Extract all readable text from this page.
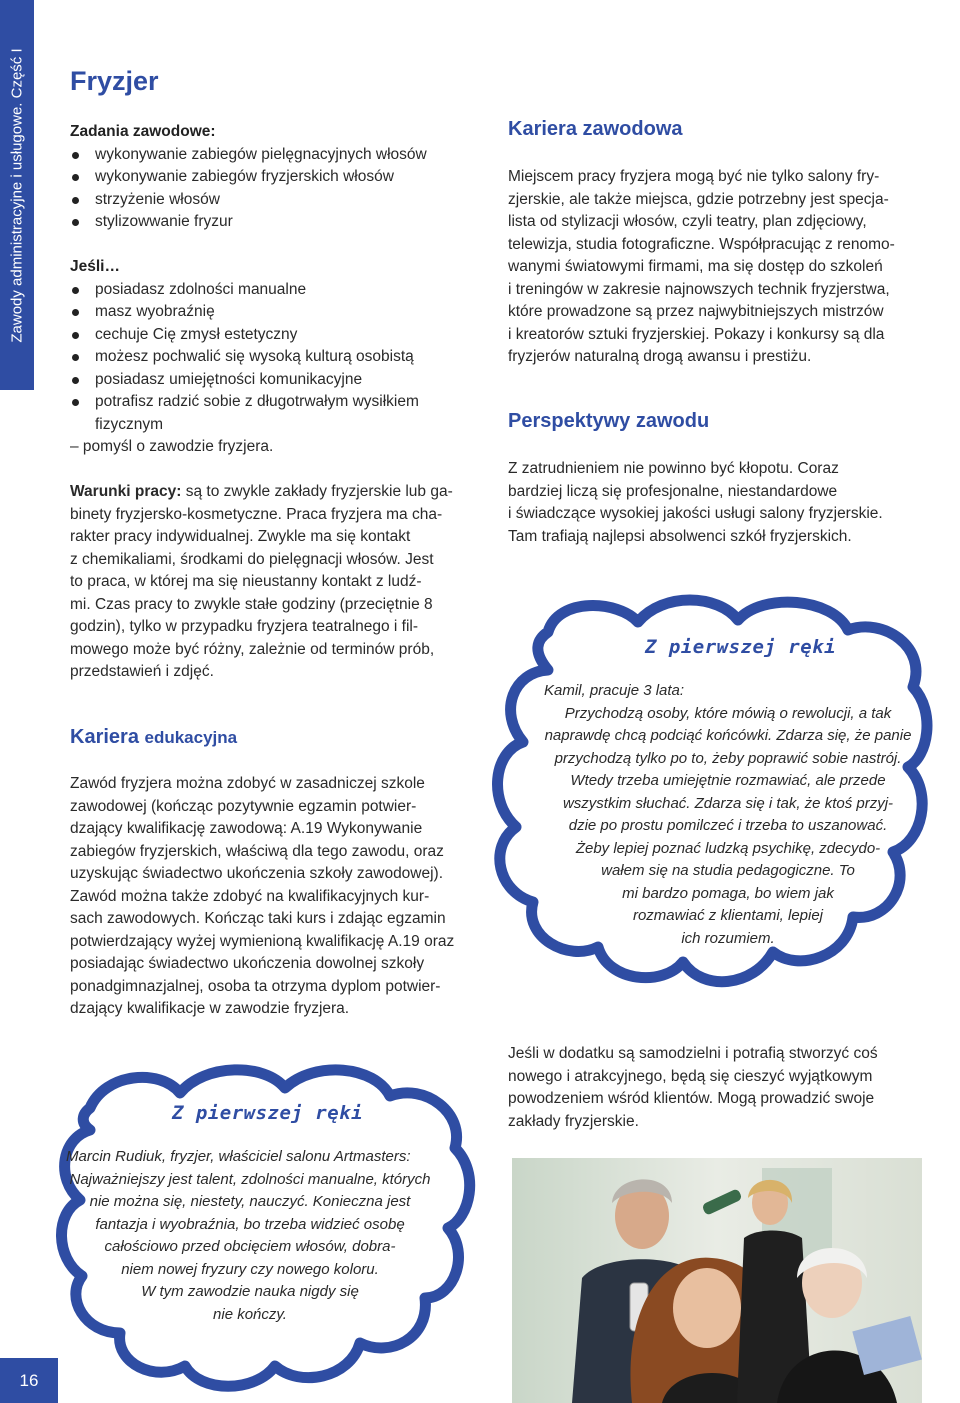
Zawody administracyjne i usługowe. Część I
16
Fryzjer

Zadania zawodowe:

wykonywanie zabiegów pielęgnacyjnych włosów
wykonywanie zabiegów fryzjerskich włosów
strzyżenie włosów
stylizowwanie fryzur

Jeśli…

posiadasz zdolności manualne
masz wyobraźnię
cechuje Cię zmysł estetyczny
możesz pochwalić się wysoką kulturą osobistą
posiadasz umiejętności komunikacyjne
potrafisz radzić sobie z długotrwałym wysiłkiem fizycznym

– pomyśl o zawodzie fryzjera.

Warunki pracy: są to zwykle zakłady fryzjerskie lub ga-
binety fryzjersko-kosmetyczne. Praca fryzjera ma cha-
rakter pracy indywidualnej. Zwykle ma się kontakt
z chemikaliami, środkami do pielęgnacji włosów. Jest
to praca, w której ma się nieustanny kontakt z ludź-
mi. Czas pracy to zwykle stałe godziny (przeciętnie 8
godzin), tylko w przypadku fryzjera teatralnego i fil-
mowego może być różny, zależnie od terminów prób,
przedstawień i zdjęć.
Kariera edukacyjna
Zawód fryzjera można zdobyć w zasadniczej szkole
zawodowej (kończąc pozytywnie egzamin potwier-
dzający kwalifikację zawodową: A.19 Wykonywanie
zabiegów fryzjerskich, właściwą dla tego zawodu, oraz
uzyskując świadectwo ukończenia szkoły zawodowej).
Zawód można także zdobyć na kwalifikacyjnych kur-
sach zawodowych. Kończąc taki kurs i zdając egzamin
potwierdzający wyżej wymienioną kwalifikację A.19 oraz
posiadając świadectwo ukończenia dowolnej szkoły
ponadgimnazjalnej, osoba ta otrzyma dyplom potwier-
dzający kwalifikacje w zawodzie fryzjera.
Kariera zawodowa
Miejscem pracy fryzjera mogą być nie tylko salony fry-
zjerskie, ale także miejsca, gdzie potrzebny jest specja-
lista od stylizacji włosów, czyli teatry, plan zdjęciowy,
telewizja, studia fotograficzne. Współpracując z renomo-
wanymi światowymi firmami, ma się dostęp do szkoleń
i treningów w zakresie najnowszych technik fryzjerstwa,
które prowadzone są przez najwybitniejszych mistrzów
i kreatorów sztuki fryzjerskiej. Pokazy i konkursy są dla
fryzjerów naturalną drogą awansu i prestiżu.
Perspektywy zawodu
Z zatrudnieniem nie powinno być kłopotu. Coraz
bardziej liczą się profesjonalne, niestandardowe
i świadczące wysokiej jakości usługi salony fryzjerskie.
Tam trafiają najlepsi absolwenci szkół fryzjerskich.
Z pierwszej ręki
Kamil, pracuje 3 lata:
Przychodzą osoby, które mówią o rewolucji, a tak
naprawdę chcą podciąć końcówki. Zdarza się, że panie
przychodzą tylko po to, żeby poprawić sobie nastrój.
Wtedy trzeba umiejętnie rozmawiać, ale przede
wszystkim słuchać. Zdarza się i tak, że ktoś przyj-
dzie po prostu pomilczeć i trzeba to uszanować.
Żeby lepiej poznać ludzką psychikę, zdecydo-
wałem się na studia pedagogiczne. To
mi bardzo pomaga, bo wiem jak
rozmawiać z klientami, lepiej
ich rozumiem.
Z pierwszej ręki
Marcin Rudiuk, fryzjer, właściciel salonu Artmasters:
Najważniejszy jest talent, zdolności manualne, których
nie można się, niestety, nauczyć. Konieczna jest
fantazja i wyobraźnia, bo trzeba widzieć osobę
całościowo przed obcięciem włosów, dobra-
niem nowej fryzury czy nowego koloru.
W tym zawodzie nauka nigdy się
nie kończy.
Jeśli w dodatku są samodzielni i potrafią stworzyć coś
nowego i atrakcyjnego, będą się cieszyć wyjątkowym
powodzeniem wśród klientów. Mogą prowadzić swoje
zakłady fryzjerskie.
